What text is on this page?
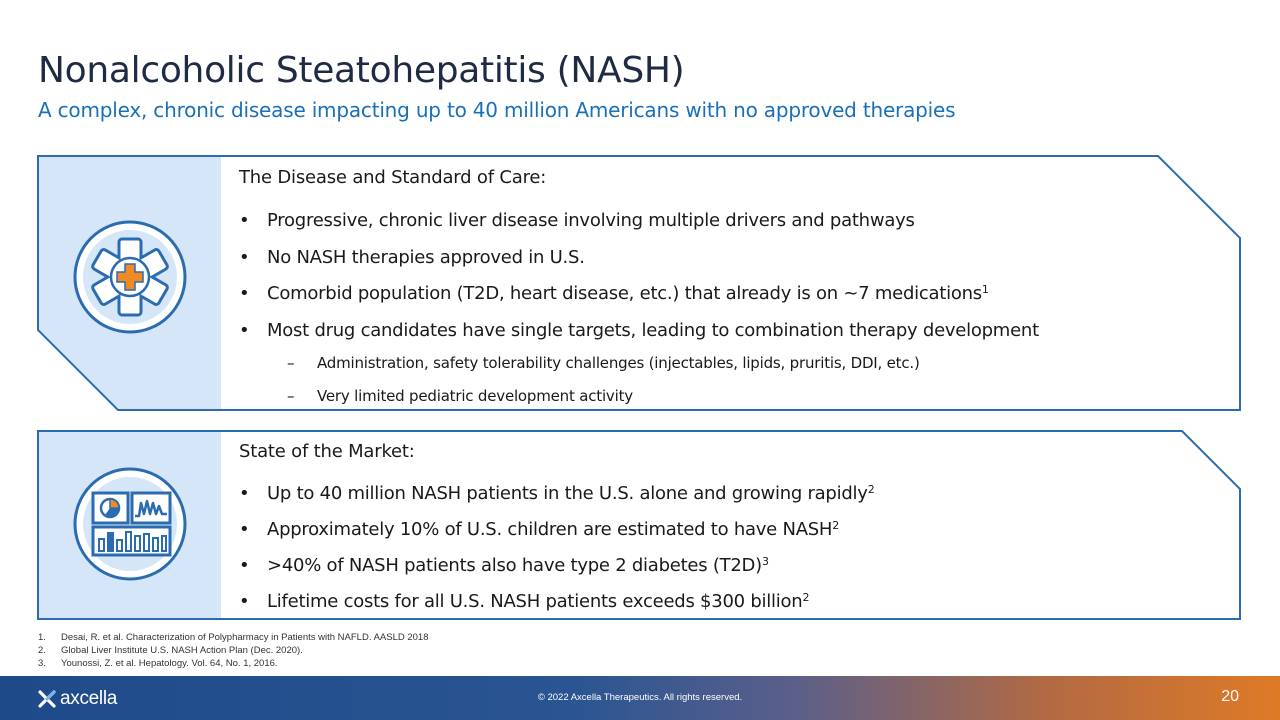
Nonalcoholic Steatohepatitis (NASH)
A complex, chronic disease impacting up to 40 million Americans with no approved therapies
The Disease and Standard of Care:
• Progressive, chronic liver disease involving multiple drivers and pathways
• No NASH therapies approved in U.S.
• Comorbid population (T2D, heart disease, etc.) that already is on ~7 medications$^1$
• Most drug candidates have single targets, leading to combination therapy development
– Administration, safety tolerability challenges (injectables, lipids, pruritis, DDI, etc.)
– Very limited pediatric development activity
State of the Market:
• Up to 40 million NASH patients in the U.S. alone and growing rapidly$^2$
• Approximately 10% of U.S. children are estimated to have NASH$^2$
• >40% of NASH patients also have type 2 diabetes $(T2D)^3$
• Lifetime costs for all U.S. NASH patients exceeds $300 billion$^2$
1. Desai, R. et al. Characterization of Polypharmacy in Patients with NAFLD. AASLD 2018
2. Global Liver Institute U.S. NASH Action Plan (Dec. 2020).
3. Younossi, Z. et al. Hepatology. Vol. 64, No. 1, 2016.
axcella	© 2022 Axcella Therapeutics. All rights reserved.	20
